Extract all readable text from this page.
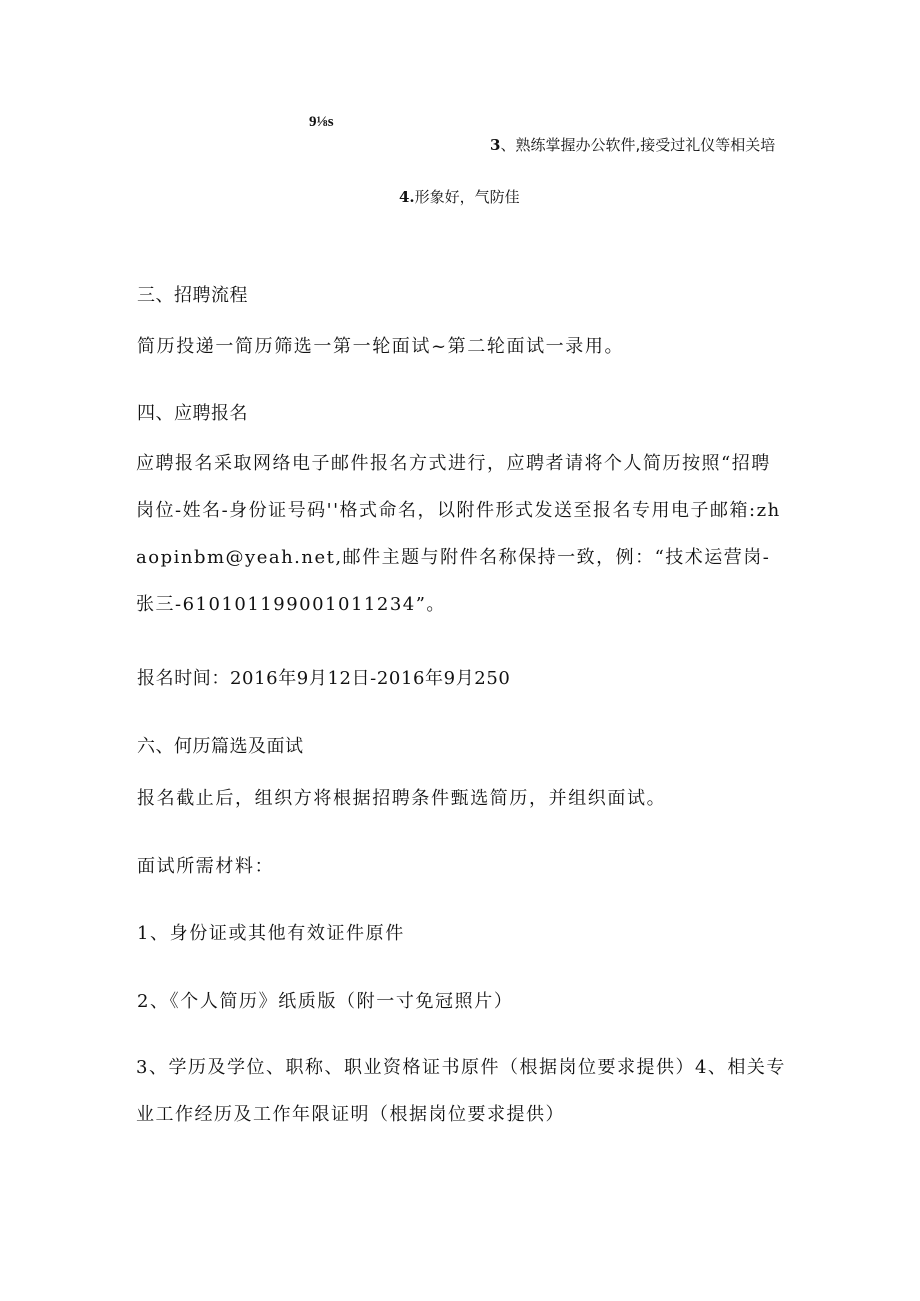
9⅛s
3、熟练掌握办公软件,接受过礼仪等相关培
4.形象好，气防佳
三、招聘流程
简历投递一简历筛选一第一轮面试~第二轮面试一录用。
四、应聘报名
应聘报名采取网络电子邮件报名方式进行，应聘者请将个人简历按照“招聘岗位-姓名-身份证号码''格式命名，以附件形式发送至报名专用电子邮箱:zhaopinbm@yeah.net,邮件主题与附件名称保持一致，例：“技术运营岗-张三-610101199001011234”。
报名时间：2016年9月12日-2016年9月250
六、何历篇选及面试
报名截止后，组织方将根据招聘条件甄选简历，并组织面试。
面试所需材料：
1、身份证或其他有效证件原件
2、《个人简历》纸质版（附一寸免冠照片）
3、学历及学位、职称、职业资格证书原件（根据岗位要求提供）4、相关专业工作经历及工作年限证明（根据岗位要求提供）
